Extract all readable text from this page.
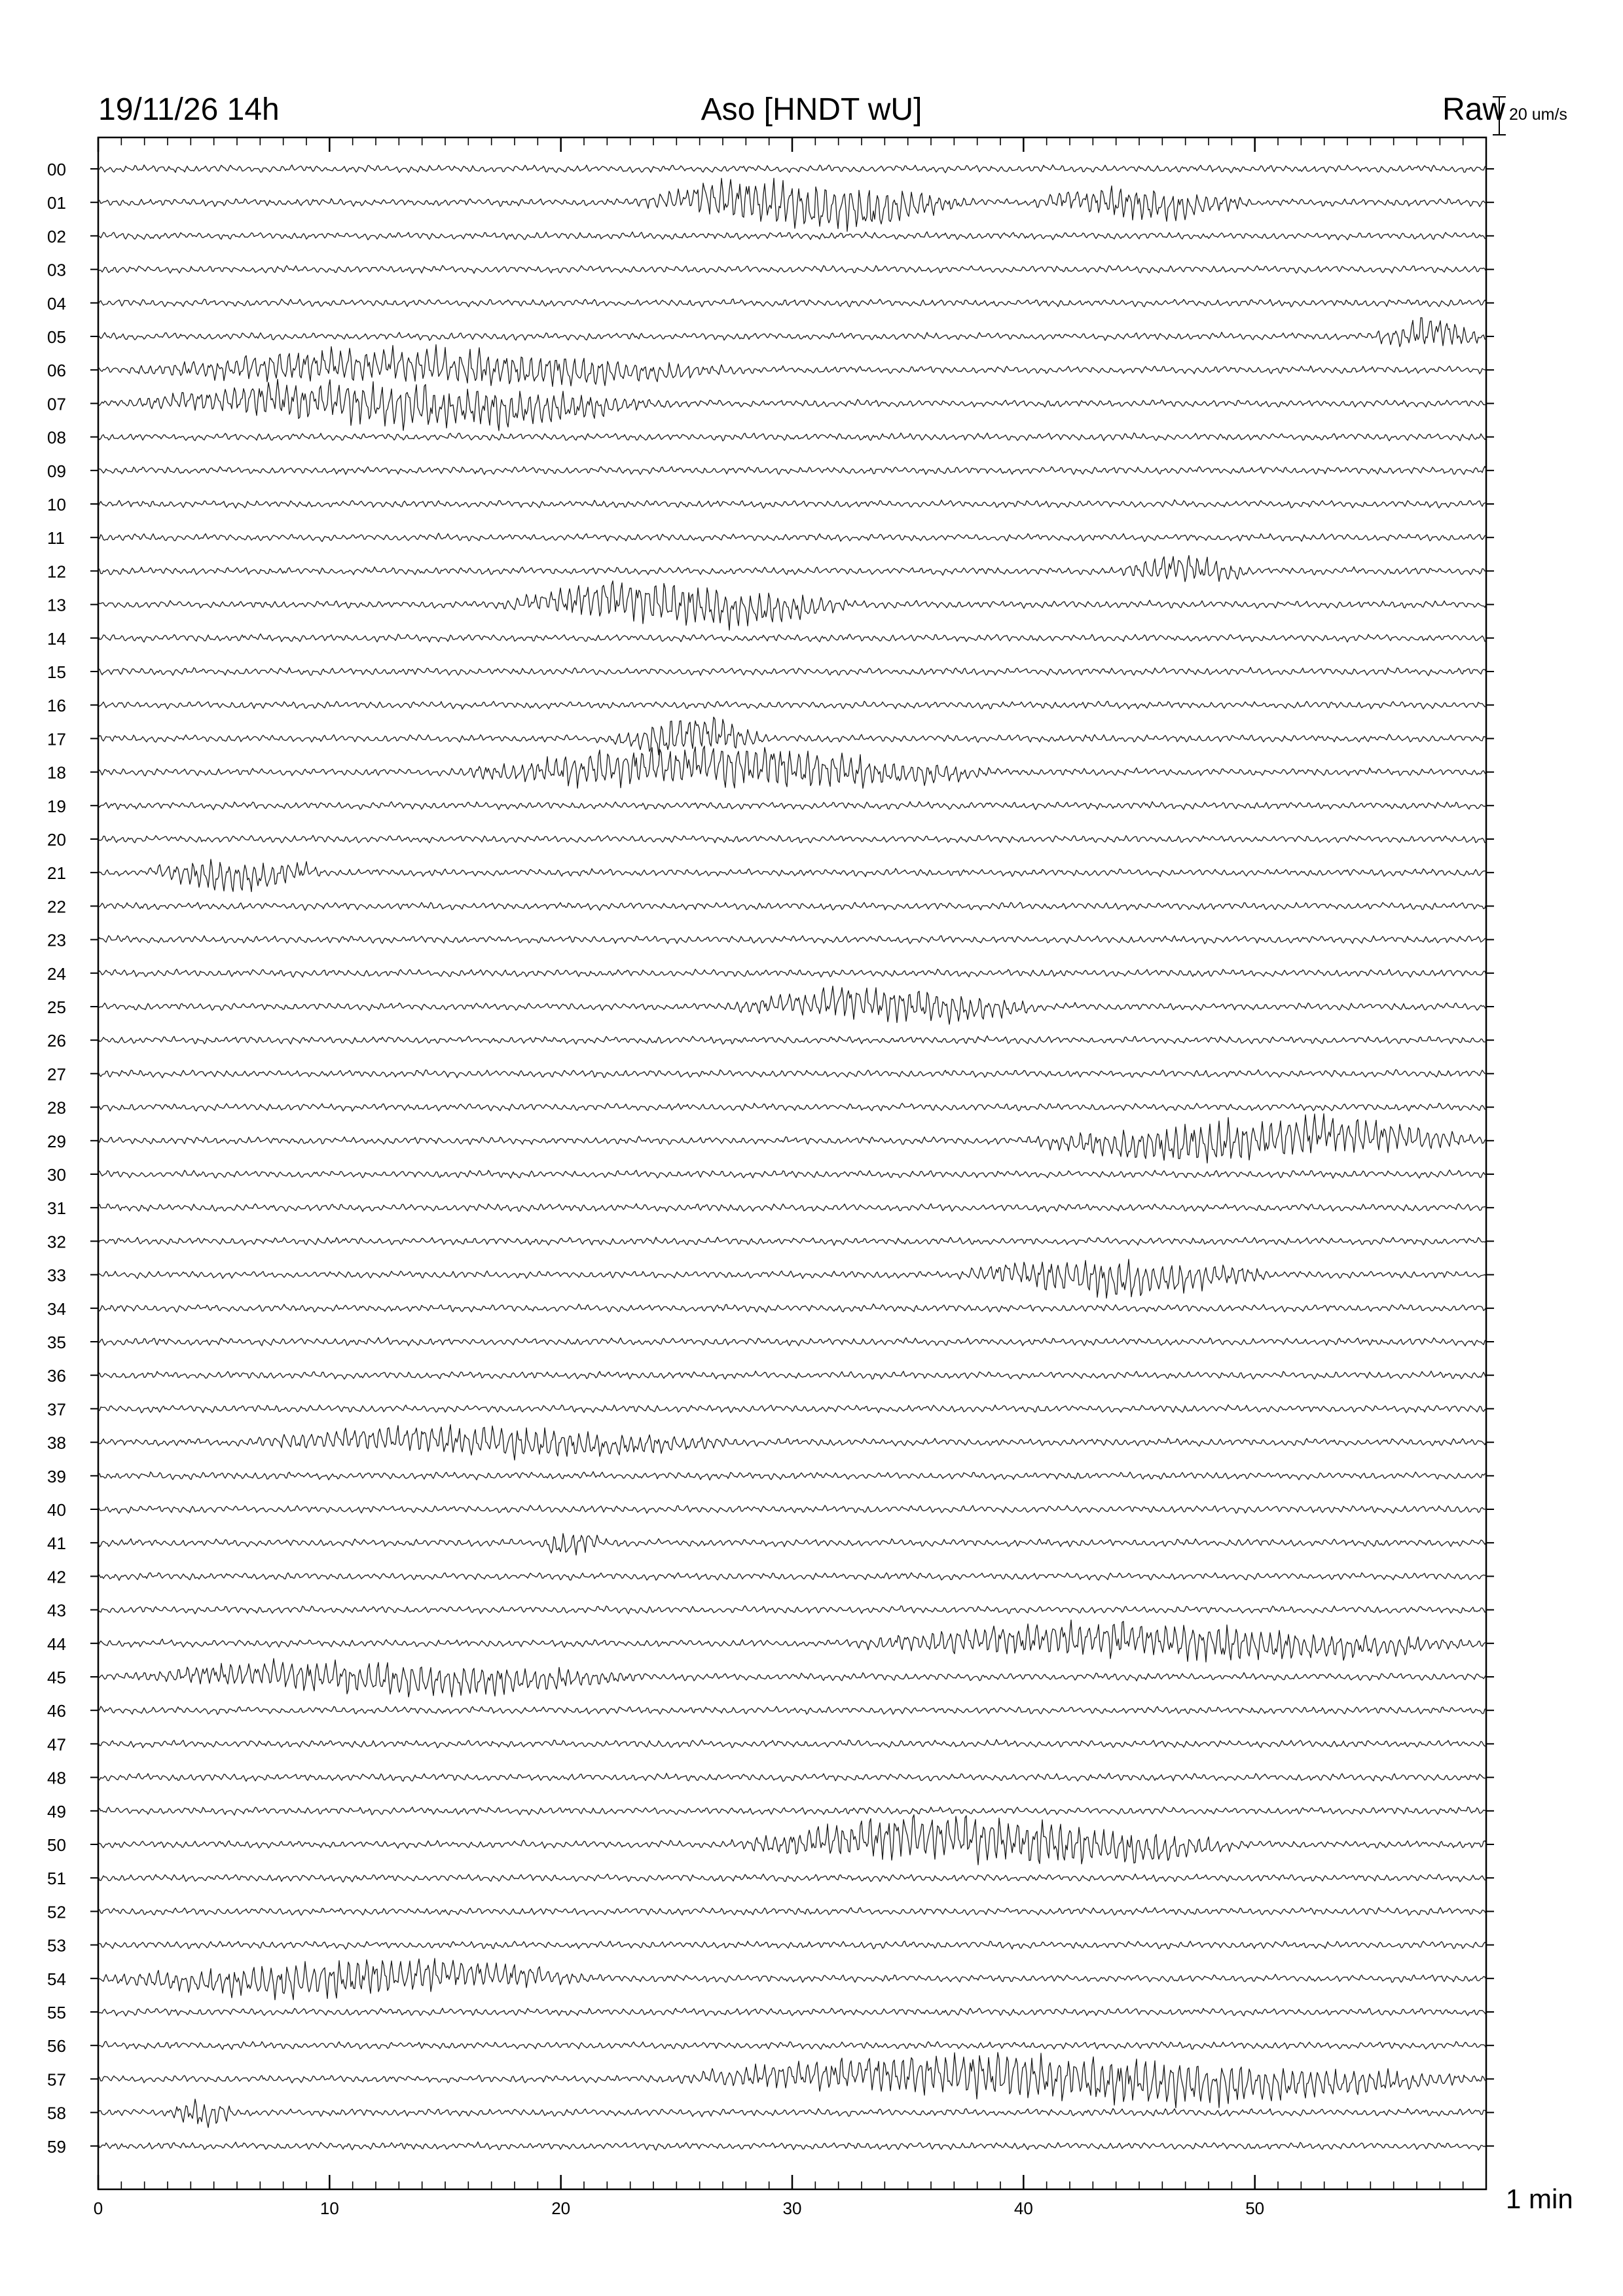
19/11/26 14h	Aso [HNDT wU]	Raw 20 um/s
1 min
00
01
02
03
04
05
06
07
08
09
10
11
12
13
14
15
16
17
18
19
20
21
22
23
24
25
26
27
28
29
30
31
32
33
34
35
36
37
38
39
40
41
42
43
44
45
46
47
48
49
50
51
52
53
54
55
56
57
58
59
0	10	20	30	40	50
